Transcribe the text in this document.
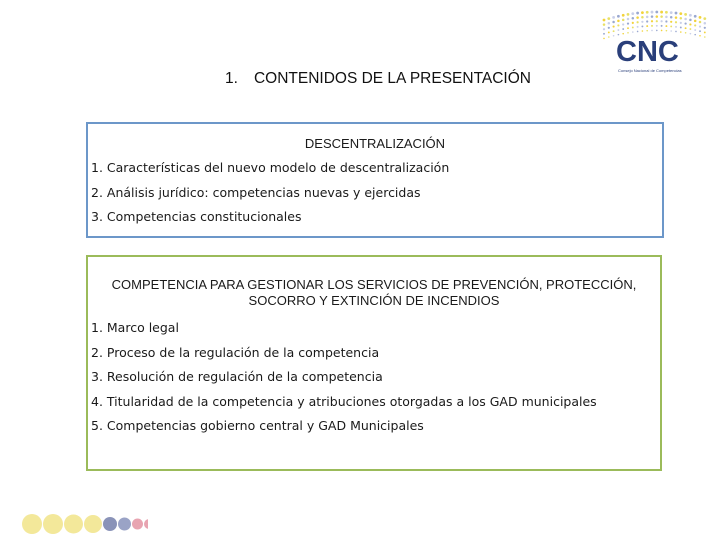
CNC
Consejo Nacional de Competencias
1. CONTENIDOS DE LA PRESENTACIÓN
DESCENTRALIZACIÓN
1. Características del nuevo modelo de descentralización
2. Análisis jurídico: competencias nuevas y ejercidas
3. Competencias constitucionales
COMPETENCIA PARA GESTIONAR LOS SERVICIOS DE PREVENCIÓN, PROTECCIÓN, SOCORRO Y EXTINCIÓN DE INCENDIOS
1. Marco legal
2. Proceso de la regulación de la competencia
3. Resolución de regulación de la competencia
4. Titularidad de la competencia y atribuciones otorgadas a los GAD municipales
5. Competencias gobierno central y GAD Municipales
